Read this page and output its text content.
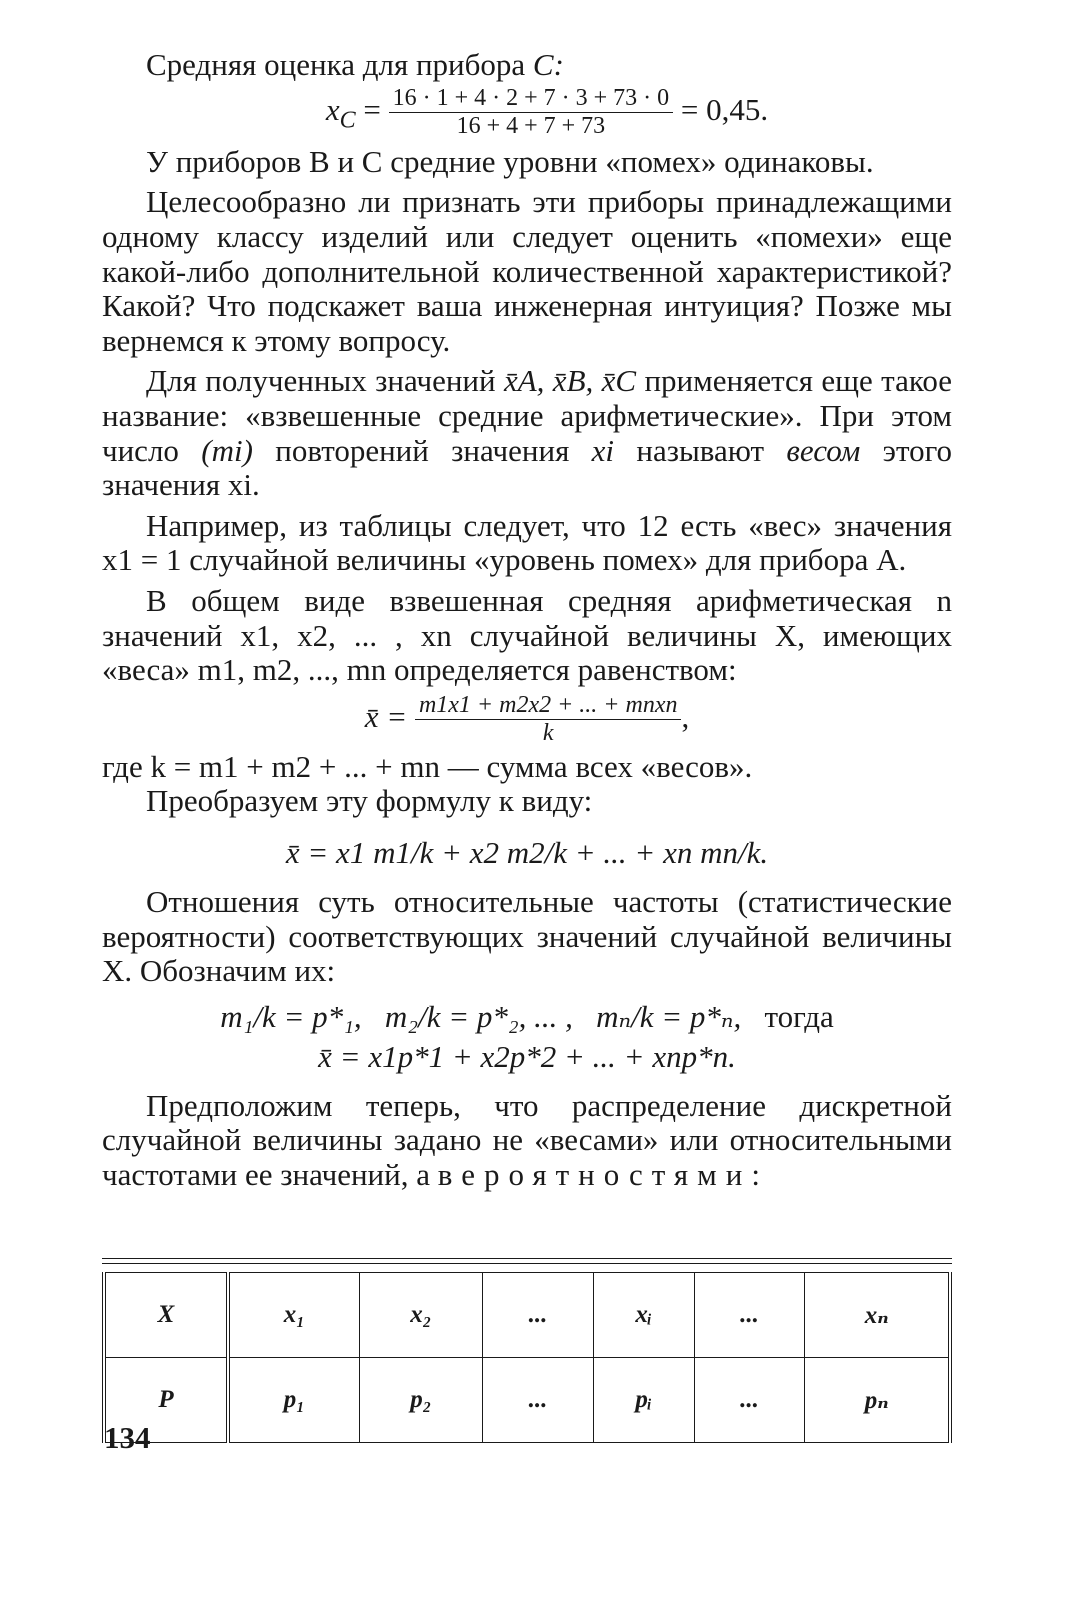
Средняя оценка для прибора C:

$x_C = \frac{16 \cdot 1 + 4 \cdot 2 + 7 \cdot 3 + 73 \cdot 0}{16 + 4 + 7 + 73} = 0,45$.

У приборов B и C средние уровни «помех» одинаковы.

Целесообразно ли признать эти приборы принадлежащими одному классу изделий или следует оценить «помехи» еще какой-либо дополнительной количественной характеристикой? Какой? Что подскажет ваша инженерная интуиция? Позже мы вернемся к этому вопросу.

Для полученных значений x̄A, x̄B, x̄C применяется еще такое название: «взвешенные средние арифметические». При этом число (mi) повторений значения xi называют весом этого значения xi.

Например, из таблицы следует, что 12 есть «вес» значения x1 = 1 случайной величины «уровень помех» для прибора A.

В общем виде взвешенная средняя арифметическая n значений x1, x2, ... , xn случайной величины X, имеющих «веса» m1, m2, ..., mn определяется равенством:

x̄ = $\frac{\text{m1x1 + m2x2 + ... + mnxn}}{k}$ ,

где k = m1 + m2 + ... + mn — сумма всех «весов».

Преобразуем эту формулу к виду:

x̄ = x1 m1/k + x2 m2/k + ... + xn mn/k.

Отношения суть относительные частоты (статистические вероятности) соответствующих значений случайной величины X. Обозначим их:

m₁/k = p*₁,   m₂/k = p*₂, ... ,   mₙ/k = p*ₙ, тогда
x̄ = x1p*1 + x2p*2 + ... + xnp*n.

Предположим теперь, что распределение дискретной случайной величины задано не «весами» или относительными частотами ее значений, а вероятностями:

X	x₁	x₂	...	xᵢ	...	xₙ
P	p₁	p₂	...	pᵢ	...	pₙ
134
